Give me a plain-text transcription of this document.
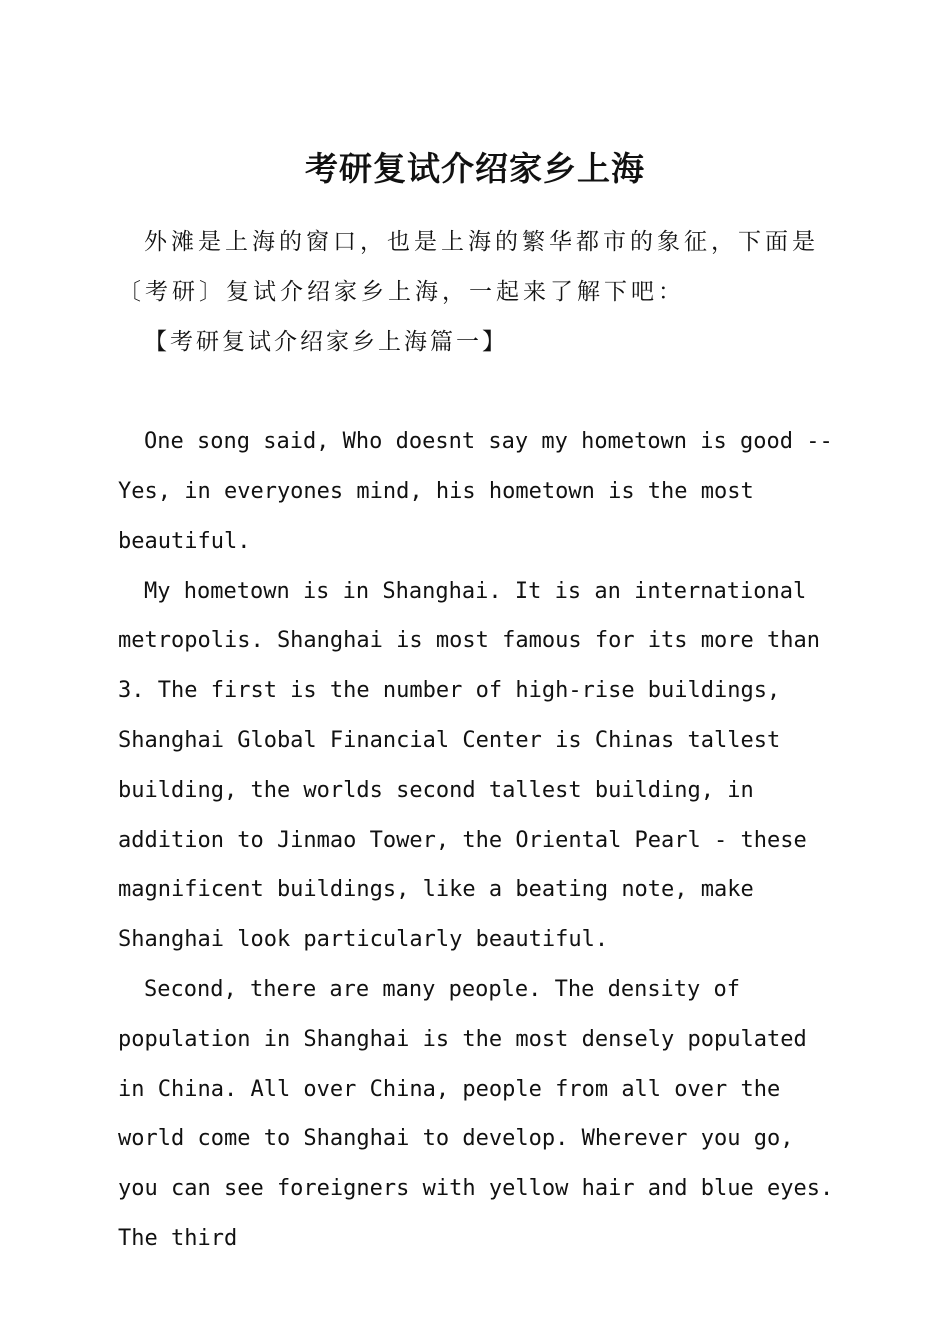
考研复试介绍家乡上海

外滩是上海的窗口，也是上海的繁华都市的象征，下面是〔考研〕复试介绍家乡上海，一起来了解下吧：

【考研复试介绍家乡上海篇一】

One song said, Who doesnt say my hometown is good -- Yes, in everyones mind, his hometown is the most beautiful.

My hometown is in Shanghai. It is an international metropolis. Shanghai is most famous for its more than 3. The first is the number of high-rise buildings, Shanghai Global Financial Center is Chinas tallest building, the worlds second tallest building, in addition to Jinmao Tower, the Oriental Pearl - these magnificent buildings, like a beating note, make Shanghai look particularly beautiful.

Second, there are many people. The density of population in Shanghai is the most densely populated in China. All over China, people from all over the world come to Shanghai to develop. Wherever you go, you can see foreigners with yellow hair and blue eyes. The third
